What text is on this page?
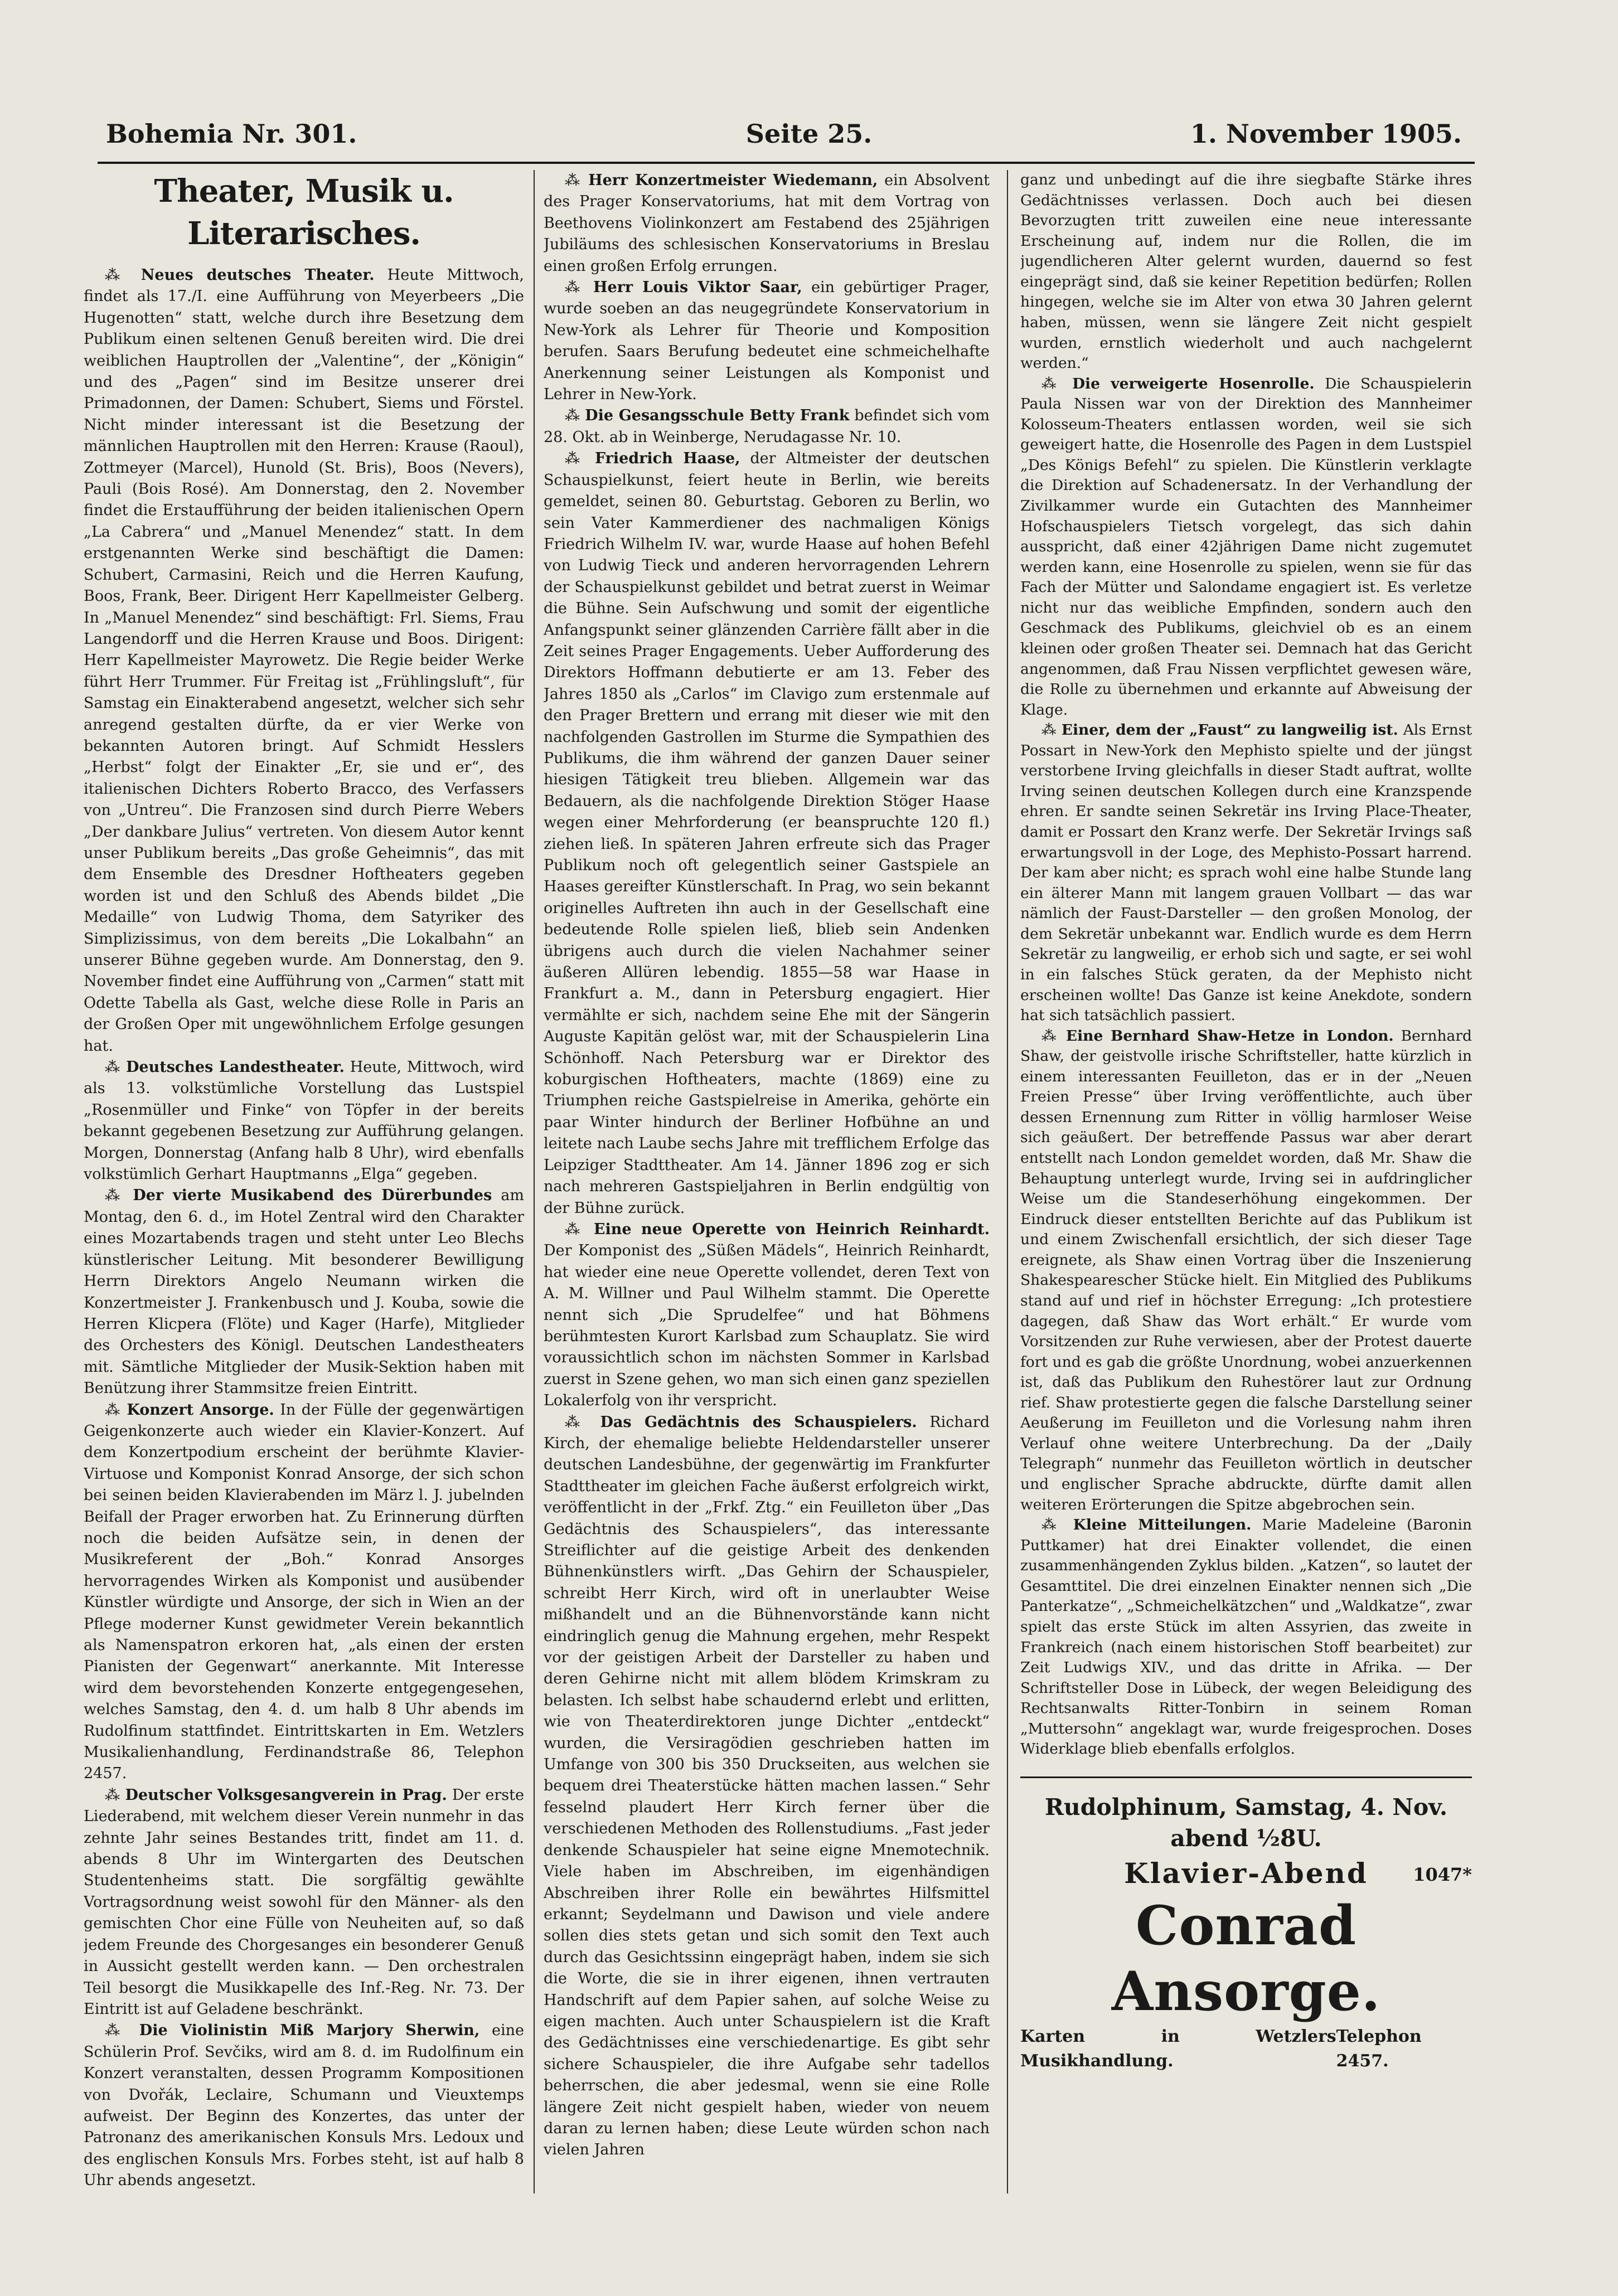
Bohemia Nr. 301.	Seite 25.	1. November 1905.
Theater, Musik u. Literarisches.

⁂ Neues deutsches Theater. Heute Mittwoch, findet als 17./I. eine Aufführung von Meyerbeers „Die Hugenotten“ statt, welche durch ihre Besetzung dem Publikum einen seltenen Genuß bereiten wird. Die drei weiblichen Hauptrollen der „Valentine“, der „Königin“ und des „Pagen“ sind im Besitze unserer drei Primadonnen, der Damen: Schubert, Siems und Förstel. Nicht minder interessant ist die Besetzung der männlichen Hauptrollen mit den Herren: Krause (Raoul), Zottmeyer (Marcel), Hunold (St. Bris), Boos (Nevers), Pauli (Bois Rosé). Am Donnerstag, den 2. November findet die Erstaufführung der beiden italienischen Opern „La Cabrera“ und „Manuel Menendez“ statt. In dem erstgenannten Werke sind beschäftigt die Damen: Schubert, Carmasini, Reich und die Herren Kaufung, Boos, Frank, Beer. Dirigent Herr Kapellmeister Gelberg. In „Manuel Menendez“ sind beschäftigt: Frl. Siems, Frau Langendorff und die Herren Krause und Boos. Dirigent: Herr Kapellmeister Mayrowetz. Die Regie beider Werke führt Herr Trummer. Für Freitag ist „Frühlingsluft“, für Samstag ein Einakterabend angesetzt, welcher sich sehr anregend gestalten dürfte, da er vier Werke von bekannten Autoren bringt. Auf Schmidt Hesslers „Herbst“ folgt der Einakter „Er, sie und er“, des italienischen Dichters Roberto Bracco, des Verfassers von „Untreu“. Die Franzosen sind durch Pierre Webers „Der dankbare Julius“ vertreten. Von diesem Autor kennt unser Publikum bereits „Das große Geheimnis“, das mit dem Ensemble des Dresdner Hoftheaters gegeben worden ist und den Schluß des Abends bildet „Die Medaille“ von Ludwig Thoma, dem Satyriker des Simplizissimus, von dem bereits „Die Lokalbahn“ an unserer Bühne gegeben wurde. Am Donnerstag, den 9. November findet eine Aufführung von „Carmen“ statt mit Odette Tabella als Gast, welche diese Rolle in Paris an der Großen Oper mit ungewöhnlichem Erfolge gesungen hat.

⁂ Deutsches Landestheater. Heute, Mittwoch, wird als 13. volkstümliche Vorstellung das Lustspiel „Rosenmüller und Finke“ von Töpfer in der bereits bekannt gegebenen Besetzung zur Aufführung gelangen. Morgen, Donnerstag (Anfang halb 8 Uhr), wird ebenfalls volkstümlich Gerhart Hauptmanns „Elga“ gegeben.

⁂ Der vierte Musikabend des Dürerbundes am Montag, den 6. d., im Hotel Zentral wird den Charakter eines Mozartabends tragen und steht unter Leo Blechs künstlerischer Leitung. Mit besonderer Bewilligung Herrn Direktors Angelo Neumann wirken die Konzertmeister J. Frankenbusch und J. Kouba, sowie die Herren Klicpera (Flöte) und Kager (Harfe), Mitglieder des Orchesters des Königl. Deutschen Landestheaters mit. Sämtliche Mitglieder der Musik-Sektion haben mit Benützung ihrer Stammsitze freien Eintritt.

⁂ Konzert Ansorge. In der Fülle der gegenwärtigen Geigenkonzerte auch wieder ein Klavier-Konzert. Auf dem Konzertpodium erscheint der berühmte Klavier-Virtuose und Komponist Konrad Ansorge, der sich schon bei seinen beiden Klavierabenden im März l. J. jubelnden Beifall der Prager erworben hat. Zu Erinnerung dürften noch die beiden Aufsätze sein, in denen der Musikreferent der „Boh.“ Konrad Ansorges hervorragendes Wirken als Komponist und ausübender Künstler würdigte und Ansorge, der sich in Wien an der Pflege moderner Kunst gewidmeter Verein bekanntlich als Namenspatron erkoren hat, „als einen der ersten Pianisten der Gegenwart“ anerkannte. Mit Interesse wird dem bevorstehenden Konzerte entgegengesehen, welches Samstag, den 4. d. um halb 8 Uhr abends im Rudolfinum stattfindet. Eintrittskarten in Em. Wetzlers Musikalienhandlung, Ferdinandstraße 86, Telephon 2457.

⁂ Deutscher Volksgesangverein in Prag. Der erste Liederabend, mit welchem dieser Verein nunmehr in das zehnte Jahr seines Bestandes tritt, findet am 11. d. abends 8 Uhr im Wintergarten des Deutschen Studentenheims statt. Die sorgfältig gewählte Vortragsordnung weist sowohl für den Männer- als den gemischten Chor eine Fülle von Neuheiten auf, so daß jedem Freunde des Chorgesanges ein besonderer Genuß in Aussicht gestellt werden kann. — Den orchestralen Teil besorgt die Musikkapelle des Inf.-Reg. Nr. 73. Der Eintritt ist auf Geladene beschränkt.

⁂ Die Violinistin Miß Marjory Sherwin, eine Schülerin Prof. Sevčiks, wird am 8. d. im Rudolfinum ein Konzert veranstalten, dessen Programm Kompositionen von Dvořák, Leclaire, Schumann und Vieuxtemps aufweist. Der Beginn des Konzertes, das unter der Patronanz des amerikanischen Konsuls Mrs. Ledoux und des englischen Konsuls Mrs. Forbes steht, ist auf halb 8 Uhr abends angesetzt.

⁂ Herr Konzertmeister Wiedemann, ein Absolvent des Prager Konservatoriums, hat mit dem Vortrag von Beethovens Violinkonzert am Festabend des 25jährigen Jubiläums des schlesischen Konservatoriums in Breslau einen großen Erfolg errungen.

⁂ Herr Louis Viktor Saar, ein gebürtiger Prager, wurde soeben an das neugegründete Konservatorium in New-York als Lehrer für Theorie und Komposition berufen. Saars Berufung bedeutet eine schmeichelhafte Anerkennung seiner Leistungen als Komponist und Lehrer in New-York.

⁂ Die Gesangsschule Betty Frank befindet sich vom 28. Okt. ab in Weinberge, Nerudagasse Nr. 10.

⁂ Friedrich Haase, der Altmeister der deutschen Schauspielkunst, feiert heute in Berlin, wie bereits gemeldet, seinen 80. Geburtstag. Geboren zu Berlin, wo sein Vater Kammerdiener des nachmaligen Königs Friedrich Wilhelm IV. war, wurde Haase auf hohen Befehl von Ludwig Tieck und anderen hervorragenden Lehrern der Schauspielkunst gebildet und betrat zuerst in Weimar die Bühne. Sein Aufschwung und somit der eigentliche Anfangspunkt seiner glänzenden Carrière fällt aber in die Zeit seines Prager Engagements. Ueber Aufforderung des Direktors Hoffmann debutierte er am 13. Feber des Jahres 1850 als „Carlos“ im Clavigo zum erstenmale auf den Prager Brettern und errang mit dieser wie mit den nachfolgenden Gastrollen im Sturme die Sympathien des Publikums, die ihm während der ganzen Dauer seiner hiesigen Tätigkeit treu blieben. Allgemein war das Bedauern, als die nachfolgende Direktion Stöger Haase wegen einer Mehrforderung (er beanspruchte 120 fl.) ziehen ließ. In späteren Jahren erfreute sich das Prager Publikum noch oft gelegentlich seiner Gastspiele an Haases gereifter Künstlerschaft. In Prag, wo sein bekannt originelles Auftreten ihn auch in der Gesellschaft eine bedeutende Rolle spielen ließ, blieb sein Andenken übrigens auch durch die vielen Nachahmer seiner äußeren Allüren lebendig. 1855—58 war Haase in Frankfurt a. M., dann in Petersburg engagiert. Hier vermählte er sich, nachdem seine Ehe mit der Sängerin Auguste Kapitän gelöst war, mit der Schauspielerin Lina Schönhoff. Nach Petersburg war er Direktor des koburgischen Hoftheaters, machte (1869) eine zu Triumphen reiche Gastspielreise in Amerika, gehörte ein paar Winter hindurch der Berliner Hofbühne an und leitete nach Laube sechs Jahre mit trefflichem Erfolge das Leipziger Stadttheater. Am 14. Jänner 1896 zog er sich nach mehreren Gastspieljahren in Berlin endgültig von der Bühne zurück.

⁂ Eine neue Operette von Heinrich Reinhardt. Der Komponist des „Süßen Mädels“, Heinrich Reinhardt, hat wieder eine neue Operette vollendet, deren Text von A. M. Willner und Paul Wilhelm stammt. Die Operette nennt sich „Die Sprudelfee“ und hat Böhmens berühmtesten Kurort Karlsbad zum Schauplatz. Sie wird voraussichtlich schon im nächsten Sommer in Karlsbad zuerst in Szene gehen, wo man sich einen ganz speziellen Lokalerfolg von ihr verspricht.

⁂ Das Gedächtnis des Schauspielers. Richard Kirch, der ehemalige beliebte Heldendarsteller unserer deutschen Landesbühne, der gegenwärtig im Frankfurter Stadttheater im gleichen Fache äußerst erfolgreich wirkt, veröffentlicht in der „Frkf. Ztg.“ ein Feuilleton über „Das Gedächtnis des Schauspielers“, das interessante Streiflichter auf die geistige Arbeit des denkenden Bühnenkünstlers wirft. „Das Gehirn der Schauspieler, schreibt Herr Kirch, wird oft in unerlaubter Weise mißhandelt und an die Bühnenvorstände kann nicht eindringlich genug die Mahnung ergehen, mehr Respekt vor der geistigen Arbeit der Darsteller zu haben und deren Gehirne nicht mit allem blödem Krimskram zu belasten. Ich selbst habe schaudernd erlebt und erlitten, wie von Theaterdirektoren junge Dichter „entdeckt“ wurden, die Versiragödien geschrieben hatten im Umfange von 300 bis 350 Druckseiten, aus welchen sie bequem drei Theaterstücke hätten machen lassen.“ Sehr fesselnd plaudert Herr Kirch ferner über die verschiedenen Methoden des Rollenstudiums. „Fast jeder denkende Schauspieler hat seine eigne Mnemotechnik. Viele haben im Abschreiben, im eigenhändigen Abschreiben ihrer Rolle ein bewährtes Hilfsmittel erkannt; Seydelmann und Dawison und viele andere sollen dies stets getan und sich somit den Text auch durch das Gesichtssinn eingeprägt haben, indem sie sich die Worte, die sie in ihrer eigenen, ihnen vertrauten Handschrift auf dem Papier sahen, auf solche Weise zu eigen machten. Auch unter Schauspielern ist die Kraft des Gedächtnisses eine verschiedenartige. Es gibt sehr sichere Schauspieler, die ihre Aufgabe sehr tadellos beherrschen, die aber jedesmal, wenn sie eine Rolle längere Zeit nicht gespielt haben, wieder von neuem daran zu lernen haben; diese Leute würden schon nach vielen Jahren

ganz und unbedingt auf die ihre siegbafte Stärke ihres Gedächtnisses verlassen. Doch auch bei diesen Bevorzugten tritt zuweilen eine neue interessante Erscheinung auf, indem nur die Rollen, die im jugendlicheren Alter gelernt wurden, dauernd so fest eingeprägt sind, daß sie keiner Repetition bedürfen; Rollen hingegen, welche sie im Alter von etwa 30 Jahren gelernt haben, müssen, wenn sie längere Zeit nicht gespielt wurden, ernstlich wiederholt und auch nachgelernt werden.“

⁂ Die verweigerte Hosenrolle. Die Schauspielerin Paula Nissen war von der Direktion des Mannheimer Kolosseum-Theaters entlassen worden, weil sie sich geweigert hatte, die Hosenrolle des Pagen in dem Lustspiel „Des Königs Befehl“ zu spielen. Die Künstlerin verklagte die Direktion auf Schadenersatz. In der Verhandlung der Zivilkammer wurde ein Gutachten des Mannheimer Hofschauspielers Tietsch vorgelegt, das sich dahin ausspricht, daß einer 42jährigen Dame nicht zugemutet werden kann, eine Hosenrolle zu spielen, wenn sie für das Fach der Mütter und Salondame engagiert ist. Es verletze nicht nur das weibliche Empfinden, sondern auch den Geschmack des Publikums, gleichviel ob es an einem kleinen oder großen Theater sei. Demnach hat das Gericht angenommen, daß Frau Nissen verpflichtet gewesen wäre, die Rolle zu übernehmen und erkannte auf Abweisung der Klage.

⁂ Einer, dem der „Faust“ zu langweilig ist. Als Ernst Possart in New-York den Mephisto spielte und der jüngst verstorbene Irving gleichfalls in dieser Stadt auftrat, wollte Irving seinen deutschen Kollegen durch eine Kranzspende ehren. Er sandte seinen Sekretär ins Irving Place-Theater, damit er Possart den Kranz werfe. Der Sekretär Irvings saß erwartungsvoll in der Loge, des Mephisto-Possart harrend. Der kam aber nicht; es sprach wohl eine halbe Stunde lang ein älterer Mann mit langem grauen Vollbart — das war nämlich der Faust-Darsteller — den großen Monolog, der dem Sekretär unbekannt war. Endlich wurde es dem Herrn Sekretär zu langweilig, er erhob sich und sagte, er sei wohl in ein falsches Stück geraten, da der Mephisto nicht erscheinen wollte! Das Ganze ist keine Anekdote, sondern hat sich tatsächlich passiert.

⁂ Eine Bernhard Shaw-Hetze in London. Bernhard Shaw, der geistvolle irische Schriftsteller, hatte kürzlich in einem interessanten Feuilleton, das er in der „Neuen Freien Presse“ über Irving veröffentlichte, auch über dessen Ernennung zum Ritter in völlig harmloser Weise sich geäußert. Der betreffende Passus war aber derart entstellt nach London gemeldet worden, daß Mr. Shaw die Behauptung unterlegt wurde, Irving sei in aufdringlicher Weise um die Standeserhöhung eingekommen. Der Eindruck dieser entstellten Berichte auf das Publikum ist und einem Zwischenfall ersichtlich, der sich dieser Tage ereignete, als Shaw einen Vortrag über die Inszenierung Shakespearescher Stücke hielt. Ein Mitglied des Publikums stand auf und rief in höchster Erregung: „Ich protestiere dagegen, daß Shaw das Wort erhält.“ Er wurde vom Vorsitzenden zur Ruhe verwiesen, aber der Protest dauerte fort und es gab die größte Unordnung, wobei anzuerkennen ist, daß das Publikum den Ruhestörer laut zur Ordnung rief. Shaw protestierte gegen die falsche Darstellung seiner Aeußerung im Feuilleton und die Vorlesung nahm ihren Verlauf ohne weitere Unterbrechung. Da der „Daily Telegraph“ nunmehr das Feuilleton wörtlich in deutscher und englischer Sprache abdruckte, dürfte damit allen weiteren Erörterungen die Spitze abgebrochen sein.

⁂ Kleine Mitteilungen. Marie Madeleine (Baronin Puttkamer) hat drei Einakter vollendet, die einen zusammenhängenden Zyklus bilden. „Katzen“, so lautet der Gesamttitel. Die drei einzelnen Einakter nennen sich „Die Panterkatze“, „Schmeichelkätzchen“ und „Waldkatze“, zwar spielt das erste Stück im alten Assyrien, das zweite in Frankreich (nach einem historischen Stoff bearbeitet) zur Zeit Ludwigs XIV., und das dritte in Afrika. — Der Schriftsteller Dose in Lübeck, der wegen Beleidigung des Rechtsanwalts Ritter-Tonbirn in seinem Roman „Muttersohn“ angeklagt war, wurde freigesprochen. Doses Widerklage blieb ebenfalls erfolglos.

Rudolphinum, Samstag, 4. Nov. abend ½8U.
Klavier-Abend	1047*
Conrad Ansorge.
Karten in Wetzlers Musikhandlung.
Telephon 2457.
